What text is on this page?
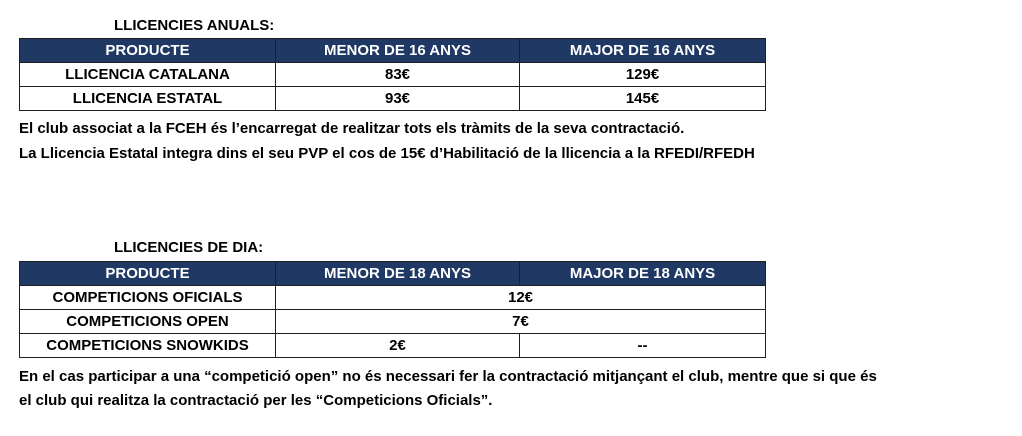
LLICENCIES ANUALS:
PRODUCTE	MENOR DE 16 ANYS	MAJOR DE 16 ANYS
LLICENCIA CATALANA	83€	129€
LLICENCIA ESTATAL	93€	145€
El club associat a la FCEH és l’encarregat de realitzar tots els tràmits de la seva contractació.
La Llicencia Estatal integra dins el seu PVP el cos de 15€ d’Habilitació de la llicencia a la RFEDI/RFEDH
LLICENCIES DE DIA:
PRODUCTE	MENOR DE 18 ANYS	MAJOR DE 18 ANYS
COMPETICIONS OFICIALS	12€	
COMPETICIONS OPEN	7€	
COMPETICIONS SNOWKIDS	2€	--
En el cas participar a una “competició open” no és necessari fer la contractació mitjançant el club, mentre que si que és
el club qui realitza la contractació per les “Competicions Oficials”.
